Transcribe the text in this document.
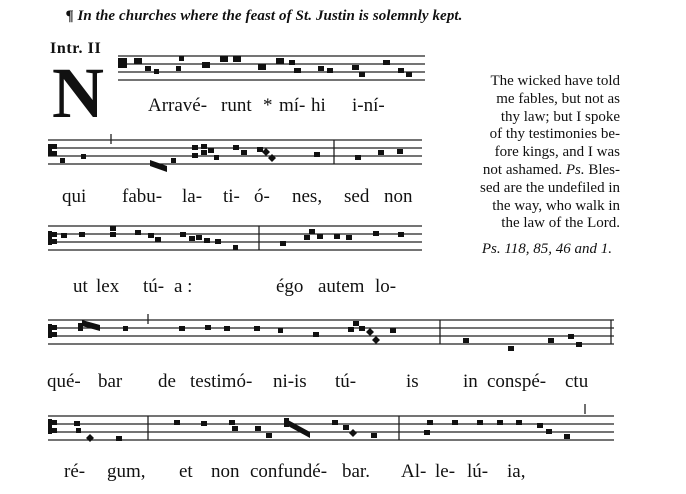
¶ In the churches where the feast of St. Justin is solemnly kept.
Intr. II
N Arravé- runt * mí- hi i-ní-
qui fabu- la- ti- ó- nes, sed non
ut lex tú- a :	égo autem lo-
qué- bar de testimó- ni- is tú-	is in conspé- ctu
ré- gum, et non confundé- bar. Al- le- lú- ia,
The wicked have told
me fables, but not as
thy law; but I spoke
of thy testimonies be-
fore kings, and I was
not ashamed. Ps. Bles-
sed are the undefiled in
the way, who walk in
the law of the Lord.
Ps. 118, 85, 46 and 1.
